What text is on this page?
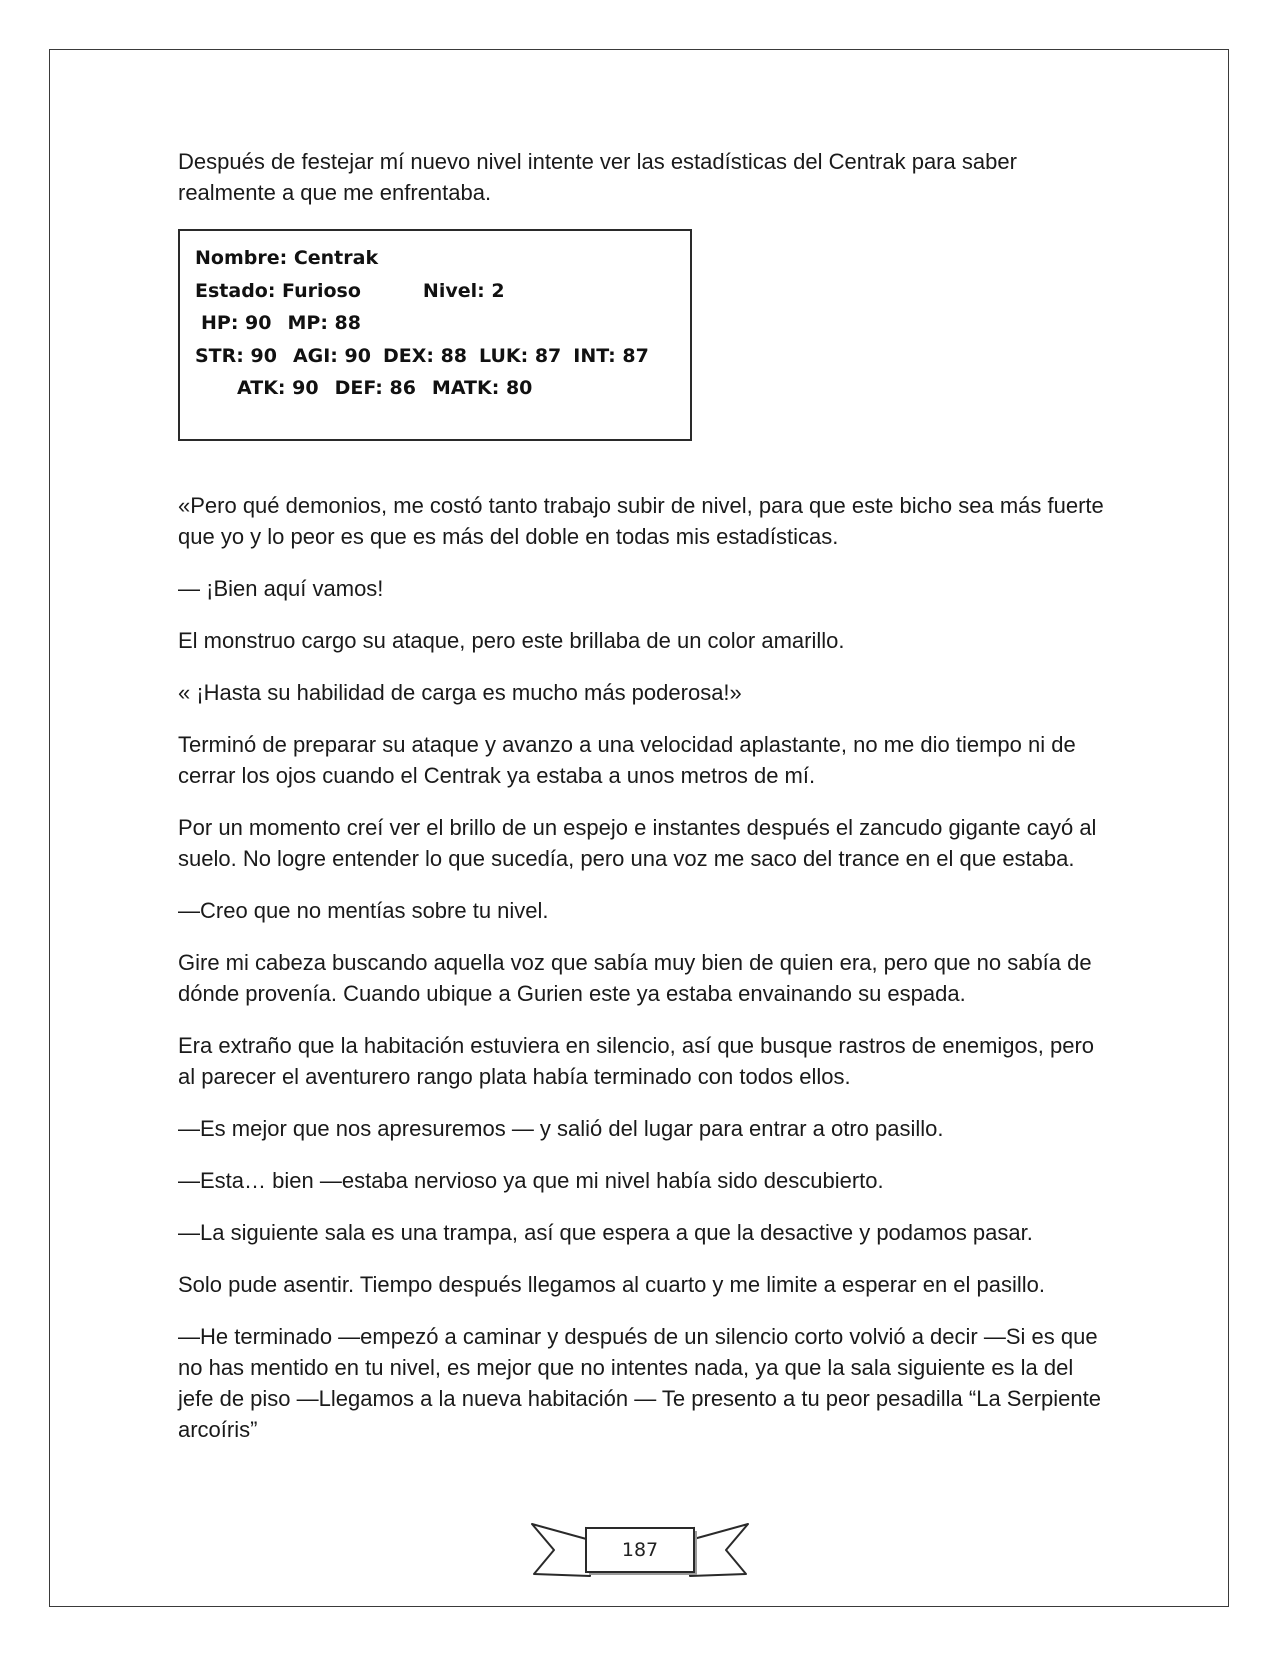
Después de festejar mí nuevo nivel intente ver las estadísticas del Centrak para saber realmente a que me enfrentaba.

Nombre: Centrak
Estado: Furioso	Nivel: 2
HP: 90 MP: 88
STR: 90 AGI: 90 DEX: 88 LUK: 87 INT: 87
ATK: 90 DEF: 86 MATK: 80

«Pero qué demonios, me costó tanto trabajo subir de nivel, para que este bicho sea más fuerte que yo y lo peor es que es más del doble en todas mis estadísticas.

— ¡Bien aquí vamos!

El monstruo cargo su ataque, pero este brillaba de un color amarillo.

« ¡Hasta su habilidad de carga es mucho más poderosa!»

Terminó de preparar su ataque y avanzo a una velocidad aplastante, no me dio tiempo ni de cerrar los ojos cuando el Centrak ya estaba a unos metros de mí.

Por un momento creí ver el brillo de un espejo e instantes después el zancudo gigante cayó al suelo. No logre entender lo que sucedía, pero una voz me saco del trance en el que estaba.

—Creo que no mentías sobre tu nivel.

Gire mi cabeza buscando aquella voz que sabía muy bien de quien era, pero que no sabía de dónde provenía. Cuando ubique a Gurien este ya estaba envainando su espada.

Era extraño que la habitación estuviera en silencio, así que busque rastros de enemigos, pero al parecer el aventurero rango plata había terminado con todos ellos.

—Es mejor que nos apresuremos — y salió del lugar para entrar a otro pasillo.

—Esta… bien —estaba nervioso ya que mi nivel había sido descubierto.

—La siguiente sala es una trampa, así que espera a que la desactive y podamos pasar.

Solo pude asentir. Tiempo después llegamos al cuarto y me limite a esperar en el pasillo.

—He terminado —empezó a caminar y después de un silencio corto volvió a decir —Si es que no has mentido en tu nivel, es mejor que no intentes nada, ya que la sala siguiente es la del jefe de piso —Llegamos a la nueva habitación — Te presento a tu peor pesadilla “La Serpiente arcoíris”

187
